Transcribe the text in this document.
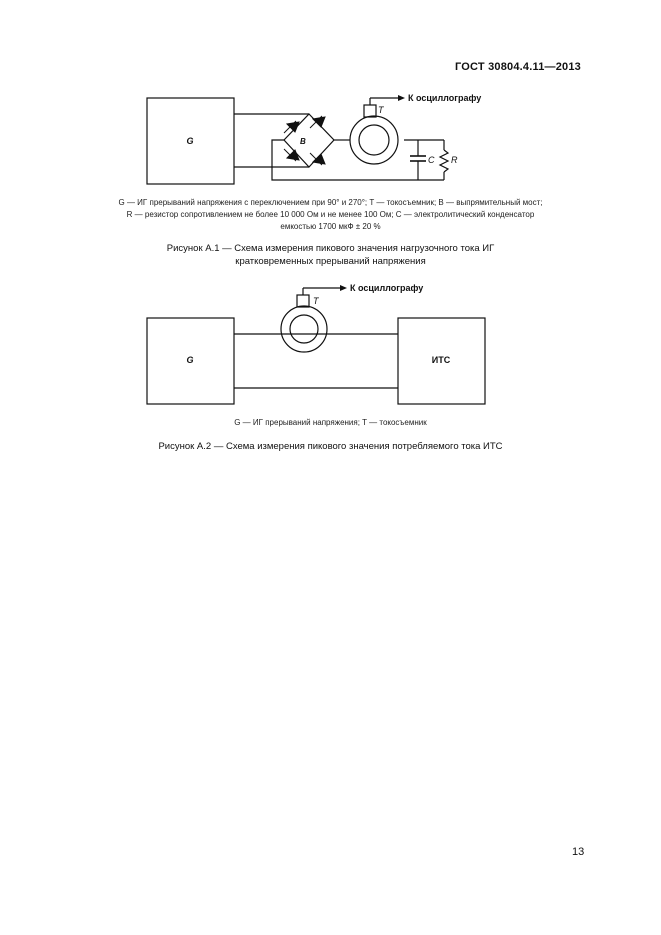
ГОСТ 30804.4.11—2013
G	B
T
К осциллографу
C R
G	ИТС
T
К осциллографу
G — ИГ прерываний напряжения с переключением при 90° и 270°; T — токосъемник; B — выпрямительный мост;
R — резистор сопротивлением не более 10 000 Ом и не менее 100 Ом; C — электролитический конденсатор
емкостью 1700 мкФ ± 20 %
Рисунок А.1 — Схема измерения пикового значения нагрузочного тока ИГ
кратковременных прерываний напряжения
G — ИГ прерываний напряжения; T — токосъемник
Рисунок А.2 — Схема измерения пикового значения потребляемого тока ИТС
13
